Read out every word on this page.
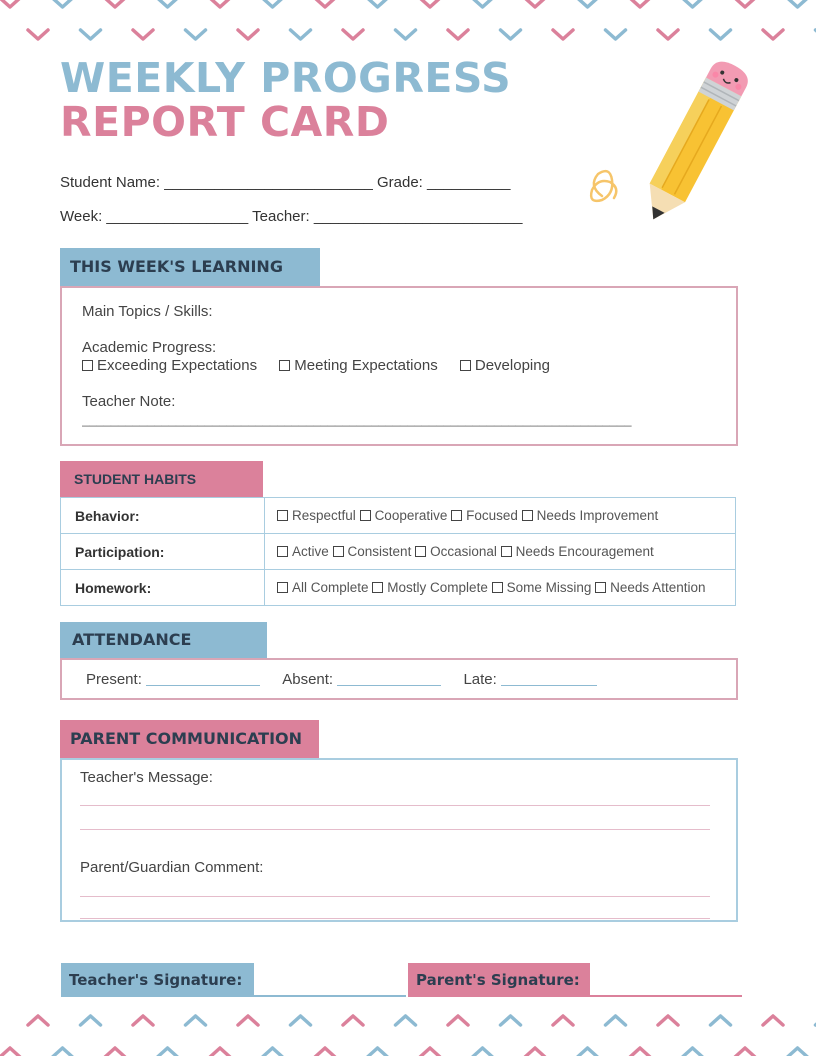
WEEKLY PROGRESS
REPORT CARD
Student Name: _________________________ Grade: __________
Week: _________________ Teacher: _________________________
THIS WEEK'S LEARNING
Main Topics / Skills:
Academic Progress:
Exceeding Expectations Meeting Expectations Developing
Teacher Note:
____________________________________________________________________________
STUDENT HABITS
Behavior:	Respectful Cooperative Focused Needs Improvement
Participation:	Active Consistent Occasional Needs Encouragement
Homework:	All Complete Mostly Complete Some Missing Needs Attention
ATTENDANCE
Present:	Absent:	Late:
PARENT COMMUNICATION
Teacher's Message:
Parent/Guardian Comment:
Teacher's Signature:	Parent's Signature:
